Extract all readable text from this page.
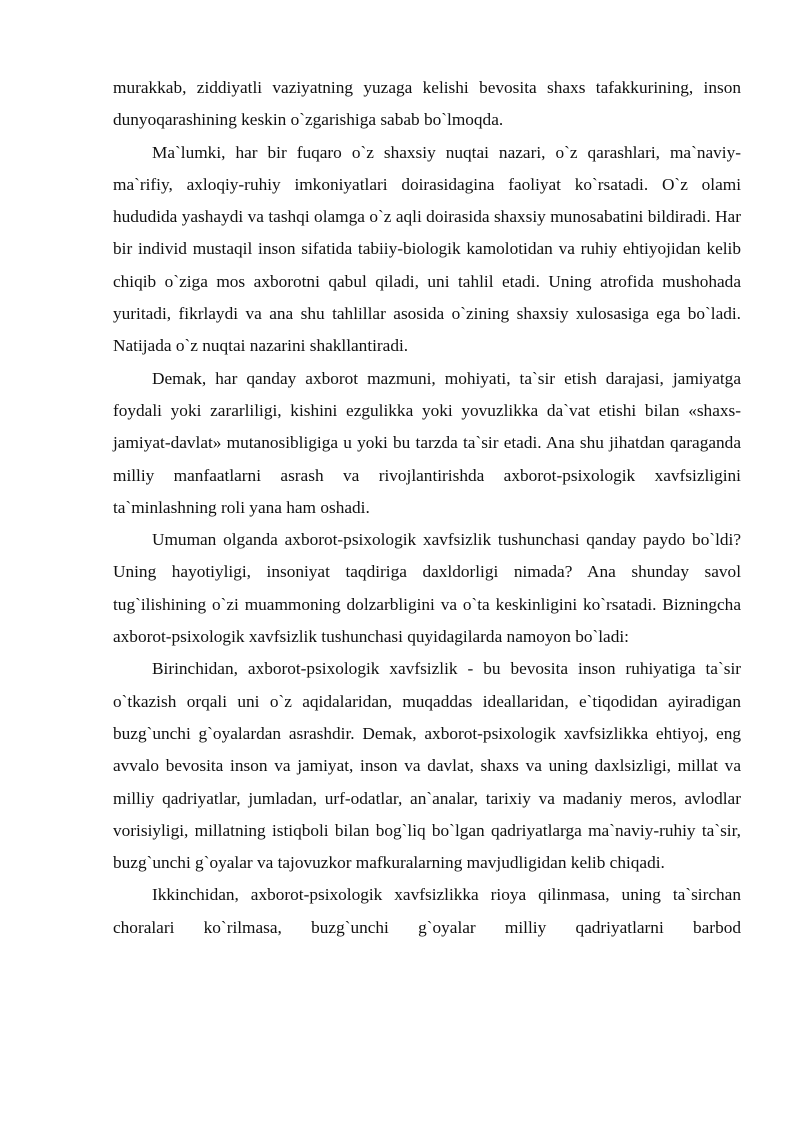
murakkab, ziddiyatli vaziyatning yuzaga kelishi bevosita shaxs tafakkurining, inson dunyoqarashining keskin o`zgarishiga sabab bo`lmoqda.

Ma`lumki, har bir fuqaro o`z shaxsiy nuqtai nazari, o`z qarashlari, ma`naviy-ma`rifiy, axloqiy-ruhiy imkoniyatlari doirasidagina faoliyat ko`rsatadi. O`z olami hududida yashaydi va tashqi olamga o`z aqli doirasida shaxsiy munosabatini bildiradi. Har bir individ mustaqil inson sifatida tabiiy-biologik kamolotidan va ruhiy ehtiyojidan kelib chiqib o`ziga mos axborotni qabul qiladi, uni tahlil etadi. Uning atrofida mushohada yuritadi, fikrlaydi va ana shu tahlillar asosida o`zining shaxsiy xulosasiga ega bo`ladi. Natijada o`z nuqtai nazarini shakllantiradi.

Demak, har qanday axborot mazmuni, mohiyati, ta`sir etish darajasi, jamiyatga foydali yoki zararliligi, kishini ezgulikka yoki yovuzlikka da`vat etishi bilan «shaxs-jamiyat-davlat» mutanosibligiga u yoki bu tarzda ta`sir etadi. Ana shu jihatdan qaraganda milliy manfaatlarni asrash va rivojlantirishda axborot-psixologik xavfsizligini ta`minlashning roli yana ham oshadi.

Umuman olganda axborot-psixologik xavfsizlik tushunchasi qanday paydo bo`ldi? Uning hayotiyligi, insoniyat taqdiriga daxldorligi nimada? Ana shunday savol tug`ilishining o`zi muammoning dolzarbligini va o`ta keskinligini ko`rsatadi. Bizningcha axborot-psixologik xavfsizlik tushunchasi quyidagilarda namoyon bo`ladi:

Birinchidan, axborot-psixologik xavfsizlik - bu bevosita inson ruhiyatiga ta`sir o`tkazish orqali uni o`z aqidalaridan, muqaddas ideallaridan, e`tiqodidan ayiradigan buzg`unchi g`oyalardan asrashdir. Demak, axborot-psixologik xavfsizlikka ehtiyoj, eng avvalo bevosita inson va jamiyat, inson va davlat, shaxs va uning daxlsizligi, millat va milliy qadriyatlar, jumladan, urf-odatlar, an`analar, tarixiy va madaniy meros, avlodlar vorisiyligi, millatning istiqboli bilan bog`liq bo`lgan qadriyatlarga ma`naviy-ruhiy ta`sir, buzg`unchi g`oyalar va tajovuzkor mafkuralarning mavjudligidan kelib chiqadi.

Ikkinchidan, axborot-psixologik xavfsizlikka rioya qilinmasa, uning ta`sirchan choralari ko`rilmasa, buzg`unchi g`oyalar milliy qadriyatlarni barbod
